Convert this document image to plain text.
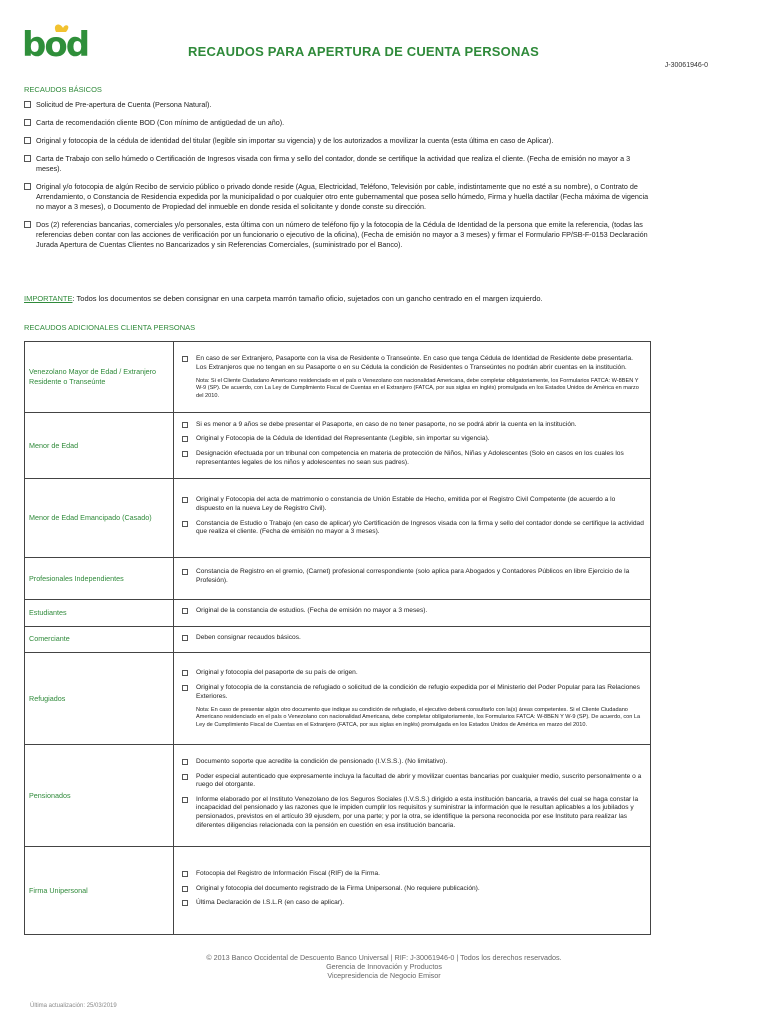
bod	RECAUDOS PARA APERTURA DE CUENTA PERSONAS
J-30061946-0
RECAUDOS BÁSICOS
Solicitud de Pre-apertura de Cuenta (Persona Natural).
Carta de recomendación cliente BOD (Con mínimo de antigüedad de un año).
Original y fotocopia de la cédula de identidad del titular (legible sin importar su vigencia) y de los autorizados a movilizar la cuenta (esta última en caso de Aplicar).
Carta de Trabajo con sello húmedo o Certificación de Ingresos visada con firma y sello del contador, donde se certifique la actividad que realiza el cliente. (Fecha de emisión no mayor a 3 meses).
Original y/o fotocopia de algún Recibo de servicio público o privado donde reside (Agua, Electricidad, Teléfono, Televisión por cable, indistintamente que no esté a su nombre), o Contrato de Arrendamiento, o Constancia de Residencia expedida por la municipalidad o por cualquier otro ente gubernamental que posea sello húmedo, Firma y huella dactilar (Fecha máxima de vigencia no mayor a 3 meses), o Documento de Propiedad del inmueble en donde resida el solicitante y donde conste su dirección.
Dos (2) referencias bancarias, comerciales y/o personales, esta última con un número de teléfono fijo y la fotocopia de la Cédula de Identidad de la persona que emite la referencia, (todas las referencias deben contar con las acciones de verificación por un funcionario o ejecutivo de la oficina), (Fecha de emisión no mayor a 3 meses) y firmar el Formulario FP/SB-F-0153 Declaración Jurada Apertura de Cuentas Clientes no Bancarizados y sin Referencias Comerciales, (suministrado por el Banco).
IMPORTANTE: Todos los documentos se deben consignar en una carpeta marrón tamaño oficio, sujetados con un gancho centrado en el margen izquierdo.
RECAUDOS ADICIONALES CLIENTA PERSONAS
Venezolano Mayor de Edad / Extranjero Residente o Transeúnte	En caso de ser Extranjero, Pasaporte con la visa de Residente o Transeúnte. En caso que tenga Cédula de Identidad de Residente debe presentarla. Los Extranjeros que no tengan en su Pasaporte o en su Cédula la condición de Residentes o Transeúntes no podrán abrir cuentas en la institución.
Nota: Si el Cliente Ciudadano Americano residenciado en el país o Venezolano con nacionalidad Americana, debe completar obligatoriamente, los Formularios FATCA: W-8BEN Y W-9 (SP). De acuerdo, con La Ley de Cumplimiento Fiscal de Cuentas en el Extranjero (FATCA, por sus siglas en inglés) promulgada en los Estados Unidos de América en marzo del 2010.

Menor de Edad	Si es menor a 9 años se debe presentar el Pasaporte, en caso de no tener pasaporte, no se podrá abrir la cuenta en la institución.
Original y Fotocopia de la Cédula de Identidad del Representante (Legible, sin importar su vigencia).
Designación efectuada por un tribunal con competencia en materia de protección de Niños, Niñas y Adolescentes (Solo en casos en los cuales los representantes legales de los niños y adolescentes no sean sus padres).

Menor de Edad Emancipado (Casado)	Original y Fotocopia del acta de matrimonio o constancia de Unión Estable de Hecho, emitida por el Registro Civil Competente (de acuerdo a lo dispuesto en la nueva Ley de Registro Civil).
Constancia de Estudio o Trabajo (en caso de aplicar) y/o Certificación de Ingresos visada con la firma y sello del contador donde se certifique la actividad que realiza el cliente. (Fecha de emisión no mayor a 3 meses).

Profesionales Independientes	Constancia de Registro en el gremio, (Carnet) profesional correspondiente (solo aplica para Abogados y Contadores Públicos en libre Ejercicio de la Profesión).

Estudiantes	Original de la constancia de estudios. (Fecha de emisión no mayor a 3 meses).

Comerciante	Deben consignar recaudos básicos.

Refugiados	Original y fotocopia del pasaporte de su país de origen.
Original y fotocopia de la constancia de refugiado o solicitud de la condición de refugio expedida por el Ministerio del Poder Popular para las Relaciones Exteriores.
Nota: En caso de presentar algún otro documento que indique su condición de refugiado, el ejecutivo deberá consultarlo con la(s) áreas competentes. Si el Cliente Ciudadano Americano residenciado en el país o Venezolano con nacionalidad Americana, debe completar obligatoriamente, los Formularios FATCA: W-8BEN Y W-9 (SP). De acuerdo, con La Ley de Cumplimiento Fiscal de Cuentas en el Extranjero (FATCA, por sus siglas en inglés) promulgada en los Estados Unidos de América en marzo del 2010.

Pensionados	Documento soporte que acredite la condición de pensionado (I.V.S.S.). (No limitativo).
Poder especial autenticado que expresamente incluya la facultad de abrir y movilizar cuentas bancarias por cualquier medio, suscrito personalmente o a ruego del otorgante.
Informe elaborado por el Instituto Venezolano de los Seguros Sociales (I.V.S.S.) dirigido a esta institución bancaria, a través del cual se haga constar la incapacidad del pensionado y las razones que le impiden cumplir los requisitos y suministrar la información que le resultan aplicables a los jubilados y pensionados, previstos en el artículo 39 ejusdem, por una parte; y por la otra, se identifique la persona reconocida por ese Instituto para realizar las diferentes diligencias relacionada con la pensión en cuestión en esa institución bancaria.

Firma Unipersonal	Fotocopia del Registro de Información Fiscal (RIF) de la Firma.
Original y fotocopia del documento registrado de la Firma Unipersonal. (No requiere publicación).
Última Declaración de I.S.L.R (en caso de aplicar).
© 2013 Banco Occidental de Descuento Banco Universal | RIF: J-30061946-0 | Todos los derechos reservados.
Gerencia de Innovación y Productos
Vicepresidencia de Negocio Emisor
Última actualización: 25/03/2019
